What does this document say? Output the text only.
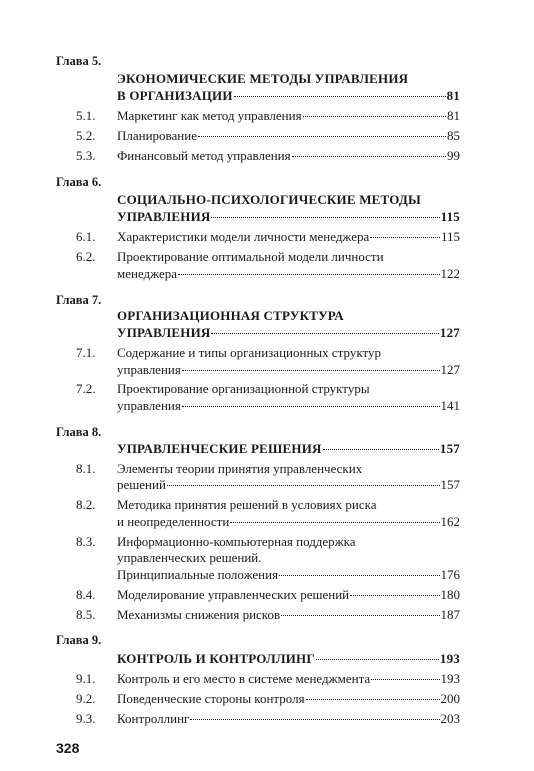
Глава 5.
ЭКОНОМИЧЕСКИЕ МЕТОДЫ УПРАВЛЕНИЯ
В ОРГАНИЗАЦИИ	81
5.1. Маркетинг как метод управления	81
5.2. Планирование	85
5.3. Финансовый метод управления	99
Глава 6.
СОЦИАЛЬНО-ПСИХОЛОГИЧЕСКИЕ МЕТОДЫ
УПРАВЛЕНИЯ	115
6.1. Характеристики модели личности менеджера	115
6.2. Проектирование оптимальной модели личности
менеджера	122
Глава 7.
ОРГАНИЗАЦИОННАЯ СТРУКТУРА
УПРАВЛЕНИЯ	127
7.1. Содержание и типы организационных структур
управления	127
7.2. Проектирование организационной структуры
управления	141
Глава 8.
УПРАВЛЕНЧЕСКИЕ РЕШЕНИЯ	157
8.1. Элементы теории принятия управленческих
решений	157
8.2. Методика принятия решений в условиях риска
и неопределенности	162
8.3. Информационно-компьютерная поддержка
управленческих решений.
Принципиальные положения	176
8.4. Моделирование управленческих решений	180
8.5. Механизмы снижения рисков	187
Глава 9.
КОНТРОЛЬ И КОНТРОЛЛИНГ	193
9.1. Контроль и его место в системе менеджмента	193
9.2. Поведенческие стороны контроля	200
9.3. Контроллинг	203
328
